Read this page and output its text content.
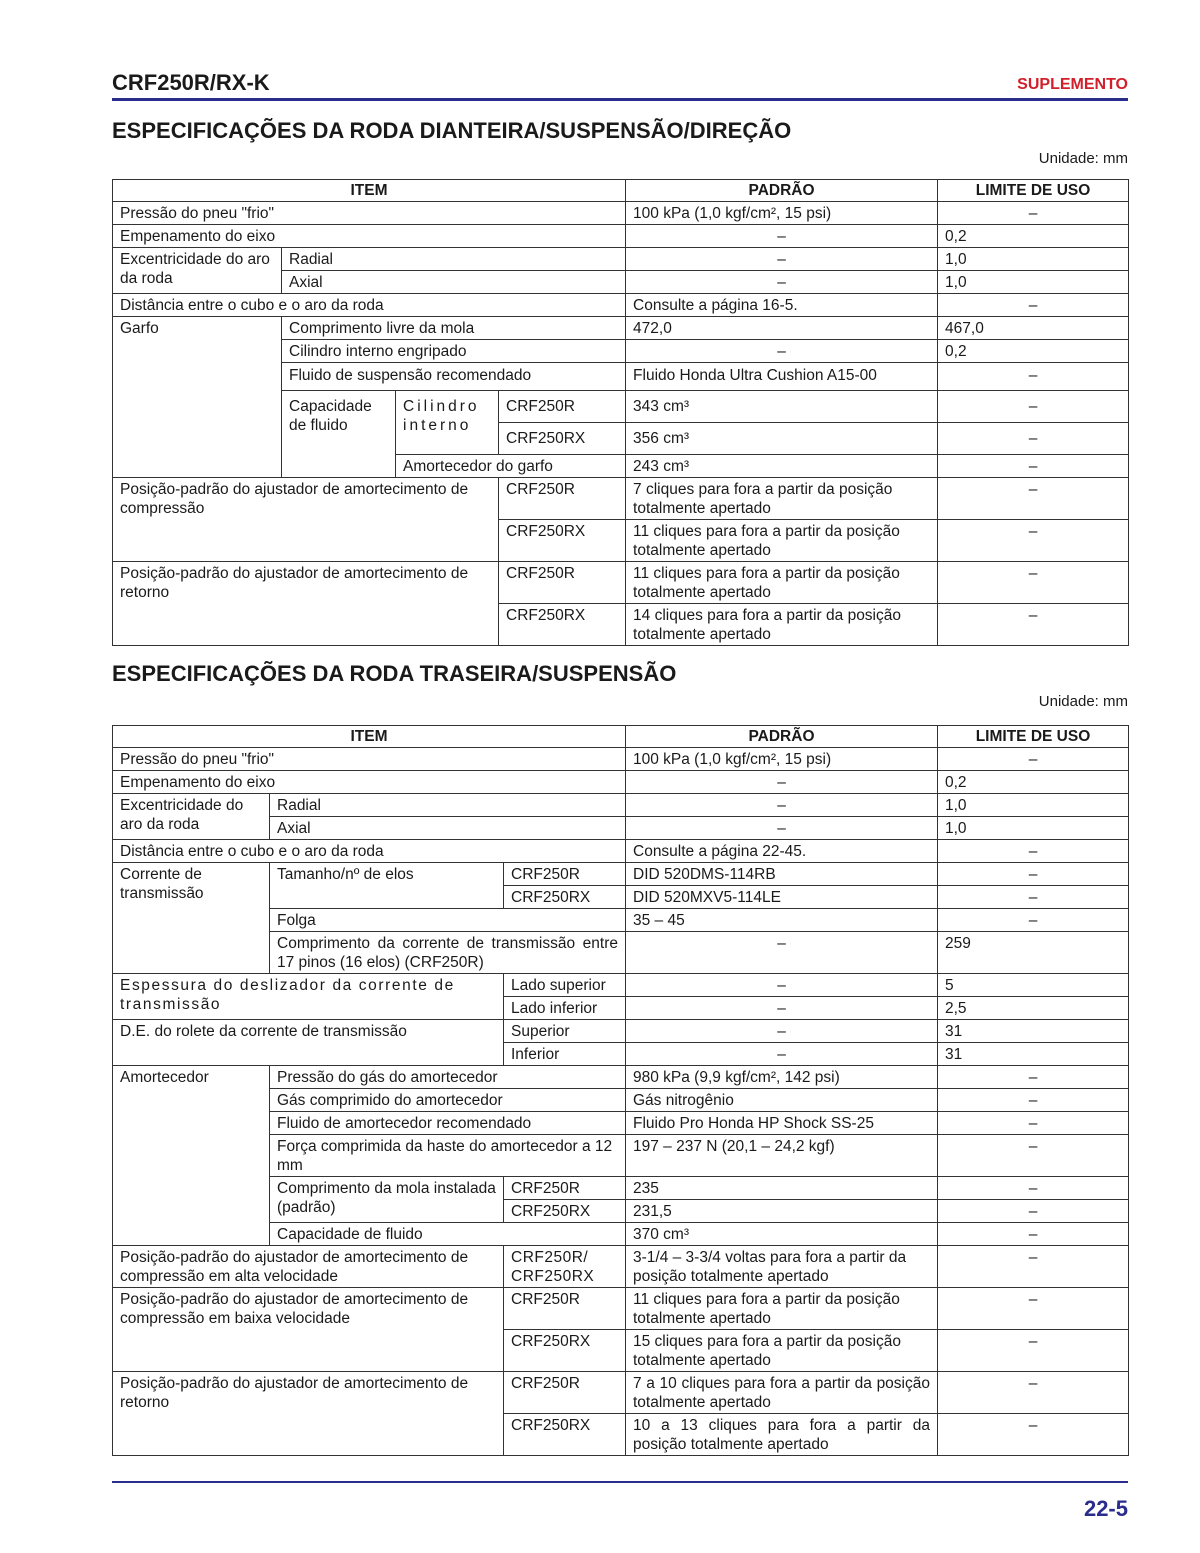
CRF250R/RX-K	SUPLEMENTO
ESPECIFICAÇÕES DA RODA DIANTEIRA/SUSPENSÃO/DIREÇÃO
Unidade: mm
ITEM				PADRÃO	LIMITE DE USO
Pressão do pneu "frio"				100 kPa (1,0 kgf/cm², 15 psi)	–
Empenamento do eixo				–	0,2
Excentricidade do aro da roda	Radial			–	1,0
	Axial			–	1,0
Distância entre o cubo e o aro da roda				Consulte a página 16-5.	–
Garfo	Comprimento livre da mola			472,0	467,0
	Cilindro interno engripado			–	0,2
	Fluido de suspensão recomendado			Fluido Honda Ultra Cushion A15-00	–
	Capacidade de fluido	Cilindro interno	CRF250R	343 cm³	–
			CRF250RX	356 cm³	–
		Amortecedor do garfo		243 cm³	–
Posição-padrão do ajustador de amortecimento de compressão			CRF250R	7 cliques para fora a partir da posição totalmente apertado	–
			CRF250RX	11 cliques para fora a partir da posição totalmente apertado	–
Posição-padrão do ajustador de amortecimento de retorno			CRF250R	11 cliques para fora a partir da posição totalmente apertado	–
			CRF250RX	14 cliques para fora a partir da posição totalmente apertado	–
ESPECIFICAÇÕES DA RODA TRASEIRA/SUSPENSÃO
Unidade: mm
ITEM			PADRÃO	LIMITE DE USO
Pressão do pneu "frio"			100 kPa (1,0 kgf/cm², 15 psi)	–
Empenamento do eixo			–	0,2
Excentricidade do aro da roda	Radial		–	1,0
	Axial		–	1,0
Distância entre o cubo e o aro da roda			Consulte a página 22-45.	–
Corrente de transmissão	Tamanho/nº de elos	CRF250R	DID 520DMS-114RB	–
		CRF250RX	DID 520MXV5-114LE	–
	Folga		35 – 45	–
	Comprimento da corrente de transmissão entre 17 pinos (16 elos) (CRF250R)		–	259
Espessura do deslizador da corrente de transmissão		Lado superior	–	5
		Lado inferior	–	2,5
D.E. do rolete da corrente de transmissão		Superior	–	31
		Inferior	–	31
Amortecedor	Pressão do gás do amortecedor		980 kPa (9,9 kgf/cm², 142 psi)	–
	Gás comprimido do amortecedor		Gás nitrogênio	–
	Fluido de amortecedor recomendado		Fluido Pro Honda HP Shock SS-25	–
	Força comprimida da haste do amortecedor a 12 mm		197 – 237 N (20,1 – 24,2 kgf)	–
	Comprimento da mola instalada (padrão)	CRF250R	235	–
		CRF250RX	231,5	–
	Capacidade de fluido		370 cm³	–
Posição-padrão do ajustador de amortecimento de compressão em alta velocidade		CRF250R/ CRF250RX	3-1/4 – 3-3/4 voltas para fora a partir da posição totalmente apertado	–
Posição-padrão do ajustador de amortecimento de compressão em baixa velocidade		CRF250R	11 cliques para fora a partir da posição totalmente apertado	–
		CRF250RX	15 cliques para fora a partir da posição totalmente apertado	–
Posição-padrão do ajustador de amortecimento de retorno		CRF250R	7 a 10 cliques para fora a partir da posição totalmente apertado	–
		CRF250RX	10 a 13 cliques para fora a partir da posição totalmente apertado	–
22-5
